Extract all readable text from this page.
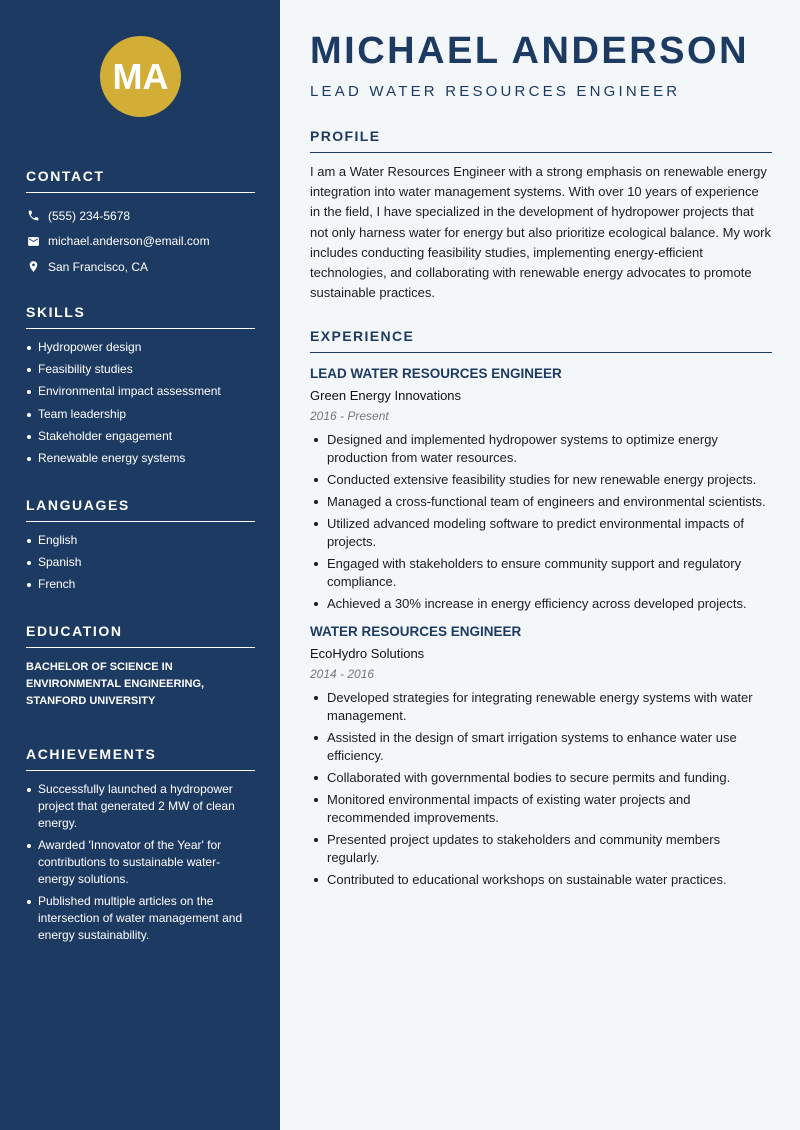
MA
CONTACT
(555) 234-5678
michael.anderson@email.com
San Francisco, CA
SKILLS
Hydropower design
Feasibility studies
Environmental impact assessment
Team leadership
Stakeholder engagement
Renewable energy systems
LANGUAGES
English
Spanish
French
EDUCATION
BACHELOR OF SCIENCE IN ENVIRONMENTAL ENGINEERING, STANFORD UNIVERSITY
ACHIEVEMENTS
Successfully launched a hydropower project that generated 2 MW of clean energy.
Awarded 'Innovator of the Year' for contributions to sustainable water-energy solutions.
Published multiple articles on the intersection of water management and energy sustainability.
MICHAEL ANDERSON
LEAD WATER RESOURCES ENGINEER
PROFILE

I am a Water Resources Engineer with a strong emphasis on renewable energy integration into water management systems. With over 10 years of experience in the field, I have specialized in the development of hydropower projects that not only harness water for energy but also prioritize ecological balance. My work includes conducting feasibility studies, implementing energy-efficient technologies, and collaborating with renewable energy advocates to promote sustainable practices.

EXPERIENCE
LEAD WATER RESOURCES ENGINEER
Green Energy Innovations
2016 - Present
Designed and implemented hydropower systems to optimize energy production from water resources.
Conducted extensive feasibility studies for new renewable energy projects.
Managed a cross-functional team of engineers and environmental scientists.
Utilized advanced modeling software to predict environmental impacts of projects.
Engaged with stakeholders to ensure community support and regulatory compliance.
Achieved a 30% increase in energy efficiency across developed projects.
WATER RESOURCES ENGINEER
EcoHydro Solutions
2014 - 2016
Developed strategies for integrating renewable energy systems with water management.
Assisted in the design of smart irrigation systems to enhance water use efficiency.
Collaborated with governmental bodies to secure permits and funding.
Monitored environmental impacts of existing water projects and recommended improvements.
Presented project updates to stakeholders and community members regularly.
Contributed to educational workshops on sustainable water practices.
